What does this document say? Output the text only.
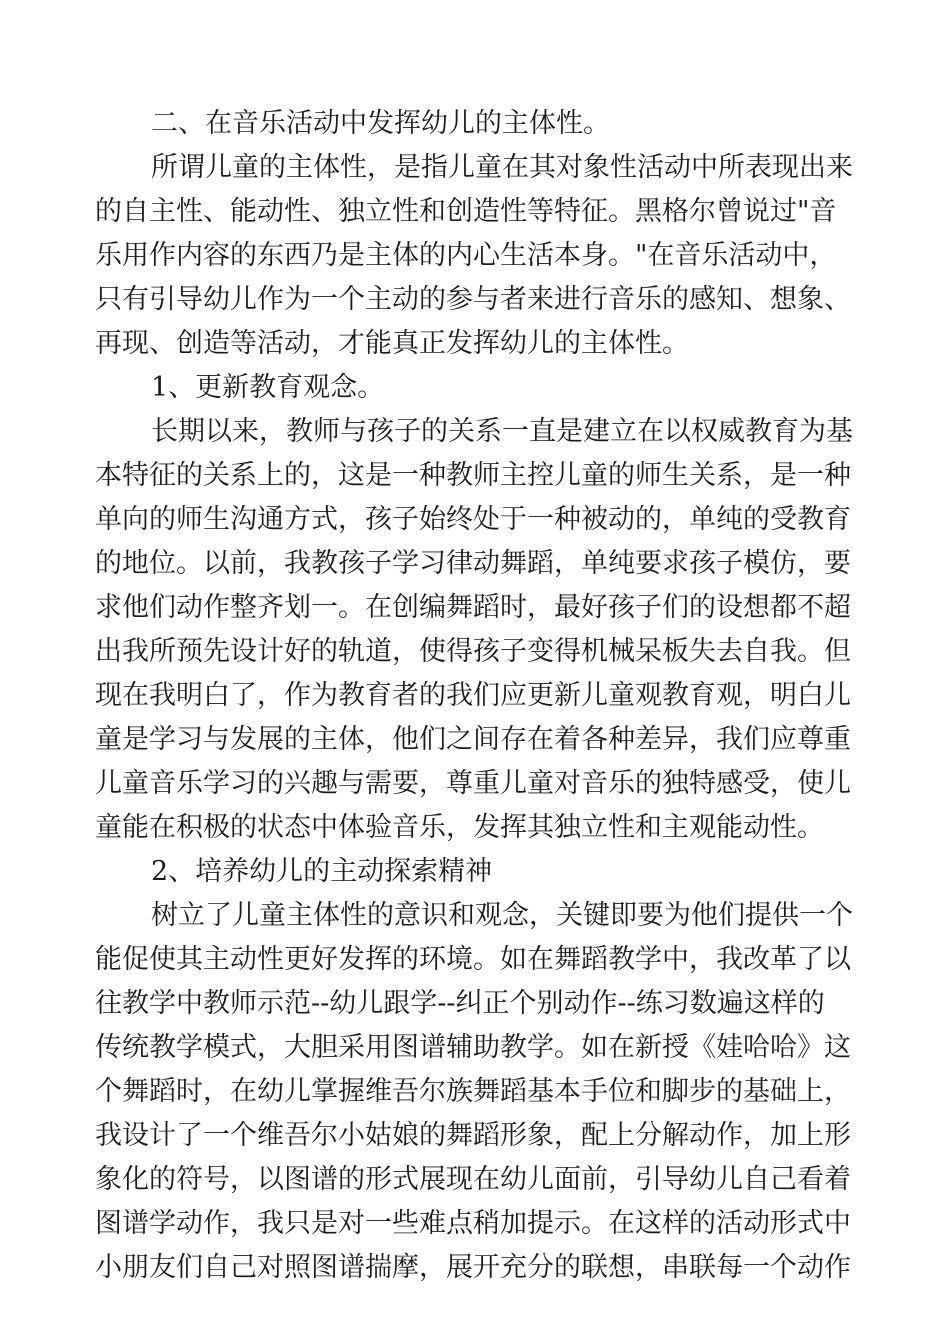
二、在音乐活动中发挥幼儿的主体性。
所谓儿童的主体性，是指儿童在其对象性活动中所表现出来
的自主性、能动性、独立性和创造性等特征。黑格尔曾说过"音
乐用作内容的东西乃是主体的内心生活本身。"在音乐活动中，
只有引导幼儿作为一个主动的参与者来进行音乐的感知、想象、
再现、创造等活动，才能真正发挥幼儿的主体性。
1、更新教育观念。
长期以来，教师与孩子的关系一直是建立在以权威教育为基
本特征的关系上的，这是一种教师主控儿童的师生关系，是一种
单向的师生沟通方式，孩子始终处于一种被动的，单纯的受教育
的地位。以前，我教孩子学习律动舞蹈，单纯要求孩子模仿，要
求他们动作整齐划一。在创编舞蹈时，最好孩子们的设想都不超
出我所预先设计好的轨道，使得孩子变得机械呆板失去自我。但
现在我明白了，作为教育者的我们应更新儿童观教育观，明白儿
童是学习与发展的主体，他们之间存在着各种差异，我们应尊重
儿童音乐学习的兴趣与需要，尊重儿童对音乐的独特感受，使儿
童能在积极的状态中体验音乐，发挥其独立性和主观能动性。
2、培养幼儿的主动探索精神
树立了儿童主体性的意识和观念，关键即要为他们提供一个
能促使其主动性更好发挥的环境。如在舞蹈教学中，我改革了以
往教学中教师示范--幼儿跟学--纠正个别动作--练习数遍这样的
传统教学模式，大胆采用图谱辅助教学。如在新授《娃哈哈》这
个舞蹈时，在幼儿掌握维吾尔族舞蹈基本手位和脚步的基础上，
我设计了一个维吾尔小姑娘的舞蹈形象，配上分解动作，加上形
象化的符号，以图谱的形式展现在幼儿面前，引导幼儿自己看着
图谱学动作，我只是对一些难点稍加提示。在这样的活动形式中
小朋友们自己对照图谱揣摩，展开充分的联想，串联每一个动作
